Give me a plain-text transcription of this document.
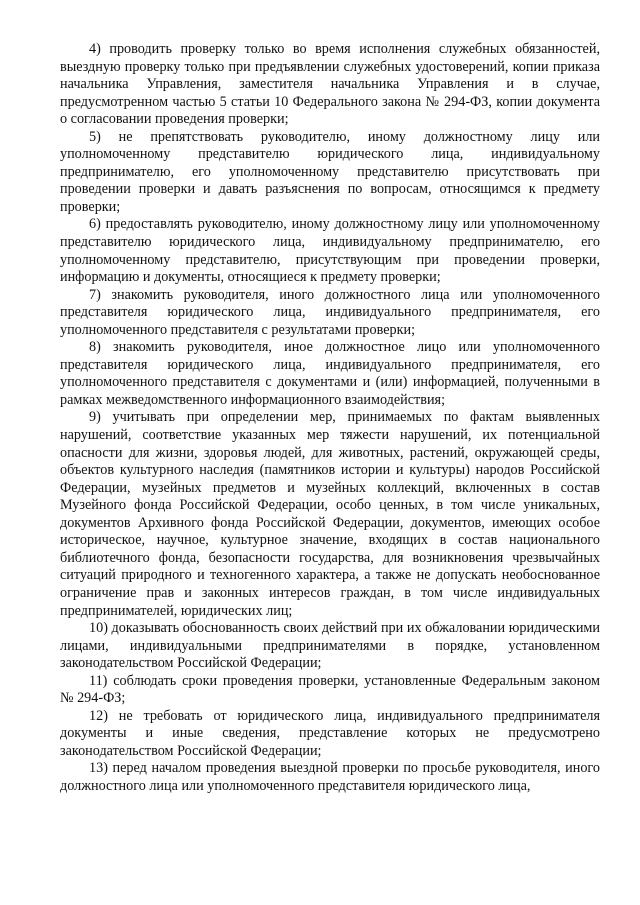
4) проводить проверку только во время исполнения служебных обязанностей, выездную проверку только при предъявлении служебных удостоверений, копии приказа начальника Управления, заместителя начальника Управления и в случае, предусмотренном частью 5 статьи 10 Федерального закона № 294-ФЗ, копии документа о согласовании проведения проверки;

5) не препятствовать руководителю, иному должностному лицу или уполномоченному представителю юридического лица, индивидуальному предпринимателю, его уполномоченному представителю присутствовать при проведении проверки и давать разъяснения по вопросам, относящимся к предмету проверки;

6) предоставлять руководителю, иному должностному лицу или уполномоченному представителю юридического лица, индивидуальному предпринимателю, его уполномоченному представителю, присутствующим при проведении проверки, информацию и документы, относящиеся к предмету проверки;

7) знакомить руководителя, иного должностного лица или уполномоченного представителя юридического лица, индивидуального предпринимателя, его уполномоченного представителя с результатами проверки;

8) знакомить руководителя, иное должностное лицо или уполномоченного представителя юридического лица, индивидуального предпринимателя, его уполномоченного представителя с документами и (или) информацией, полученными в рамках межведомственного информационного взаимодействия;

9) учитывать при определении мер, принимаемых по фактам выявленных нарушений, соответствие указанных мер тяжести нарушений, их потенциальной опасности для жизни, здоровья людей, для животных, растений, окружающей среды, объектов культурного наследия (памятников истории и культуры) народов Российской Федерации, музейных предметов и музейных коллекций, включенных в состав Музейного фонда Российской Федерации, особо ценных, в том числе уникальных, документов Архивного фонда Российской Федерации, документов, имеющих особое историческое, научное, культурное значение, входящих в состав национального библиотечного фонда, безопасности государства, для возникновения чрезвычайных ситуаций природного и техногенного характера, а также не допускать необоснованное ограничение прав и законных интересов граждан, в том числе индивидуальных предпринимателей, юридических лиц;

10) доказывать обоснованность своих действий при их обжаловании юридическими лицами, индивидуальными предпринимателями в порядке, установленном законодательством Российской Федерации;

11) соблюдать сроки проведения проверки, установленные Федеральным законом № 294-ФЗ;

12) не требовать от юридического лица, индивидуального предпринимателя документы и иные сведения, представление которых не предусмотрено законодательством Российской Федерации;

13) перед началом проведения выездной проверки по просьбе руководителя, иного должностного лица или уполномоченного представителя юридического лица,
